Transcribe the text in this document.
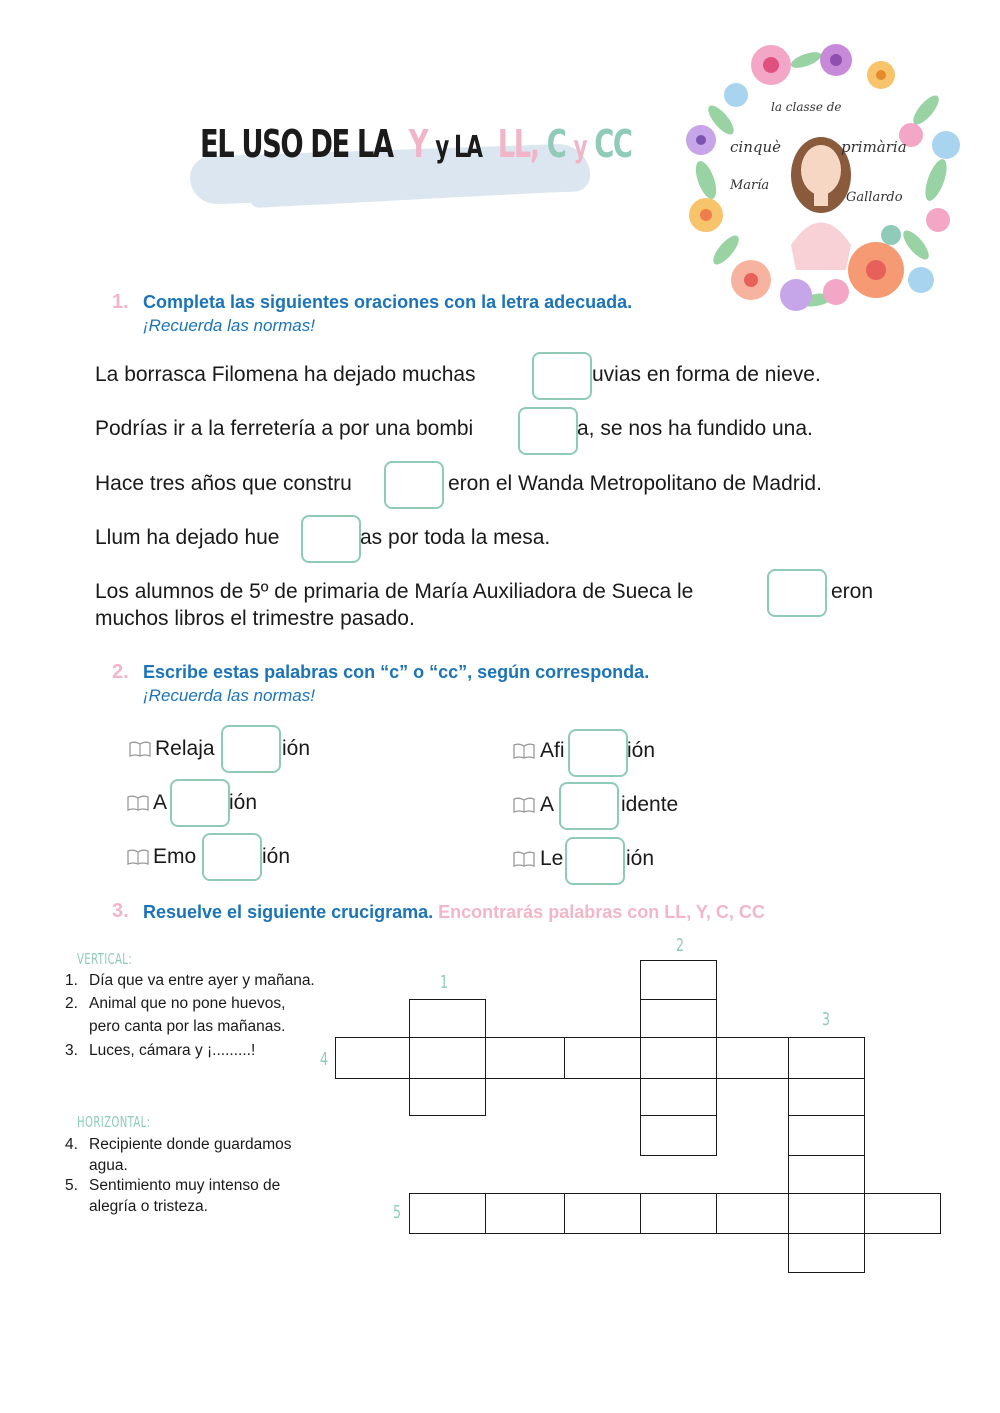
EL USO DE LA Y y LA LL, C y CC
la classe de
cinquè	primària
María
Gallardo
1. Completa las siguientes oraciones con la letra adecuada.
¡Recuerda las normas!
La borrasca Filomena ha dejado muchas	uvias en forma de nieve.
Podrías ir a la ferretería a por una bombi	a, se nos ha fundido una.
Hace tres años que constru	eron el Wanda Metropolitano de Madrid.
Llum ha dejado hue	as por toda la mesa.
Los alumnos de 5º de primaria de María Auxiliadora de Sueca le	eron
muchos libros el trimestre pasado.
2. Escribe estas palabras con “c” o “cc”, según corresponda.
¡Recuerda las normas!
Relaja	ión	Afi	ión
A	ión	A	idente
Emo	ión	Le	ión
3. Resuelve el siguiente crucigrama. Encontrarás palabras con LL, Y, C, CC
VERTICAL:
1. Día que va entre ayer y mañana.
2. Animal que no pone huevos,
pero canta por las mañanas.
3. Luces, cámara y ¡.........!
HORIZONTAL:
4. Recipiente donde guardamos
agua.
5. Sentimiento muy intenso de
alegría o tristeza.
1
2
3
4
5
